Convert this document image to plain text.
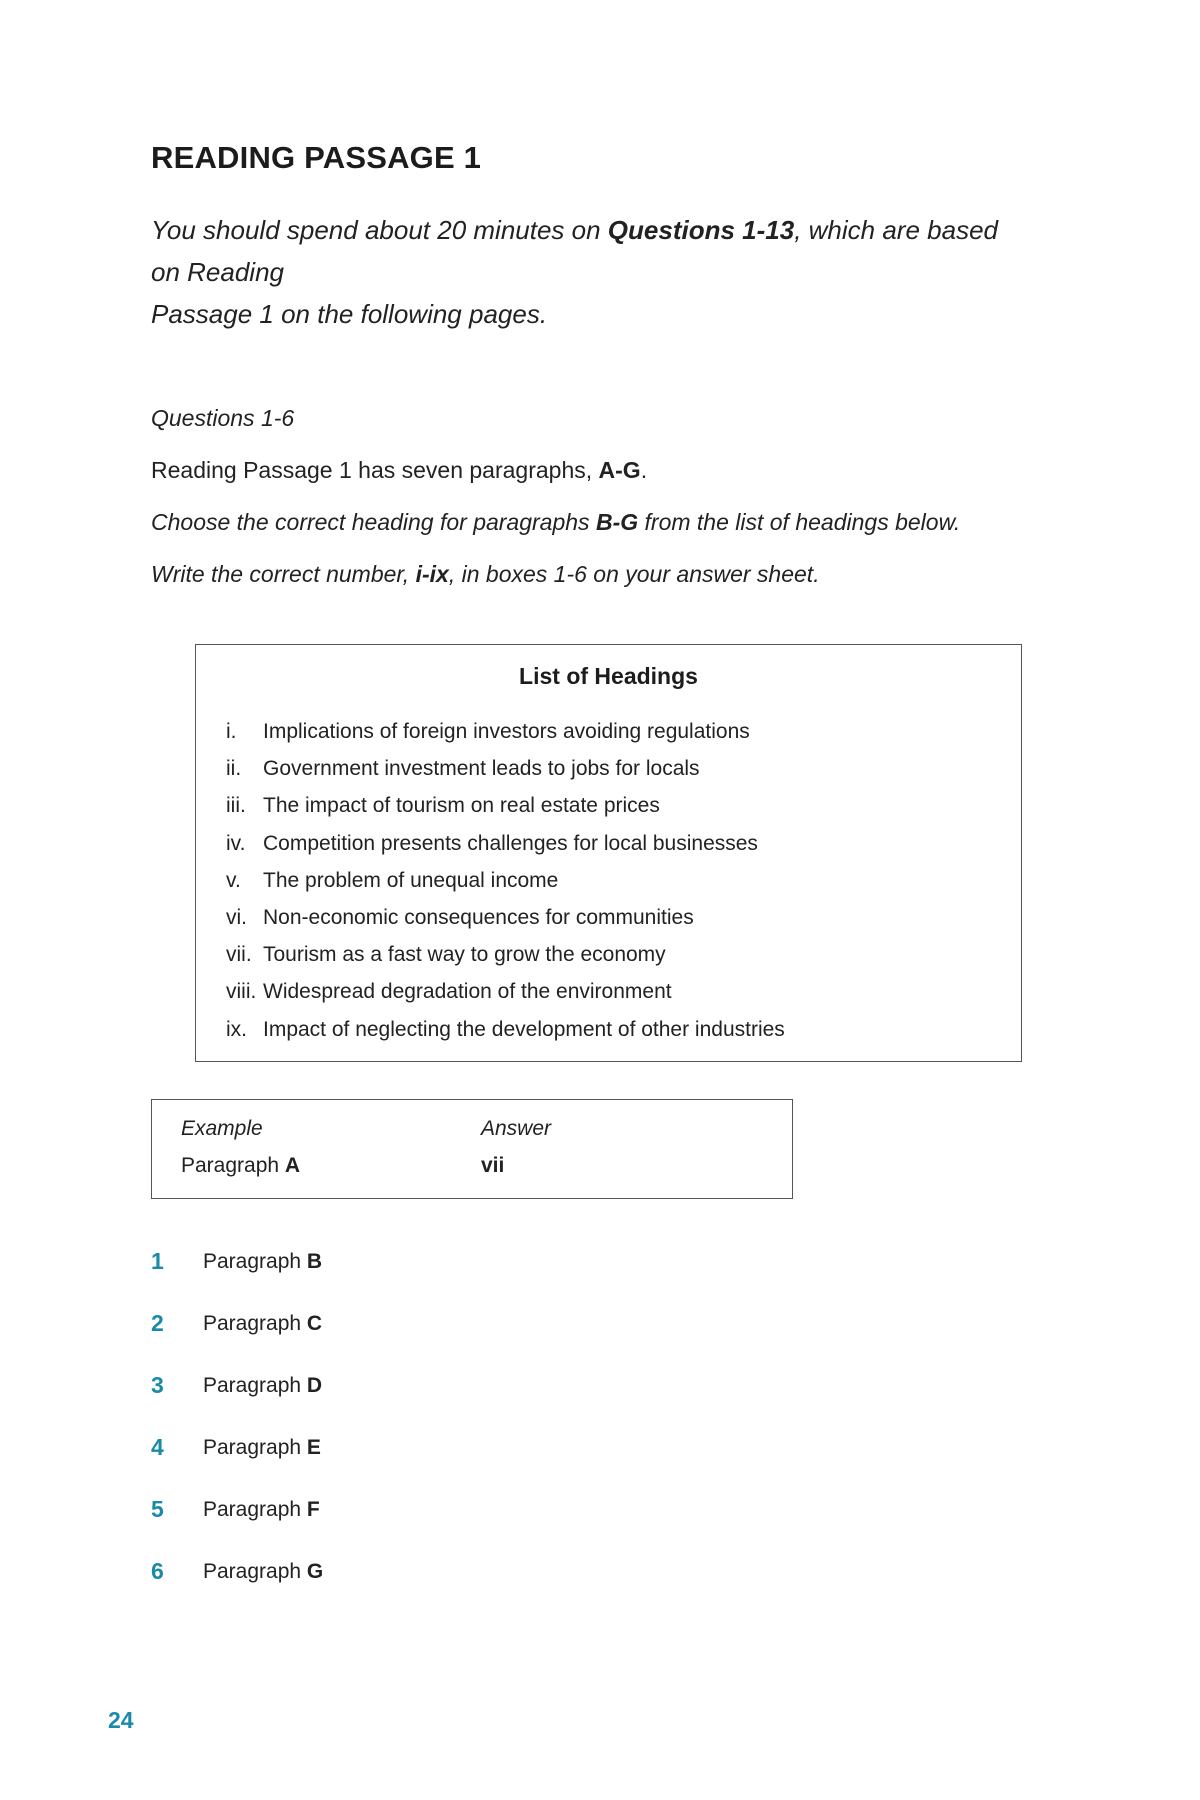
READING PASSAGE 1

You should spend about 20 minutes on Questions 1-13, which are based
on Reading
Passage 1 on the following pages.

Questions 1-6

Reading Passage 1 has seven paragraphs, A-G.

Choose the correct heading for paragraphs B-G from the list of headings below.

Write the correct number, i-ix, in boxes 1-6 on your answer sheet.

List of Headings
i. Implications of foreign investors avoiding regulations
ii. Government investment leads to jobs for locals
iii. The impact of tourism on real estate prices
iv. Competition presents challenges for local businesses
v. The problem of unequal income
vi. Non-economic consequences for communities
vii. Tourism as a fast way to grow the economy
viii. Widespread degradation of the environment
ix. Impact of neglecting the development of other industries

Example	Answer

Paragraph A	vii

1 Paragraph B
2 Paragraph C
3 Paragraph D
4 Paragraph E
5 Paragraph F
6 Paragraph G

24
